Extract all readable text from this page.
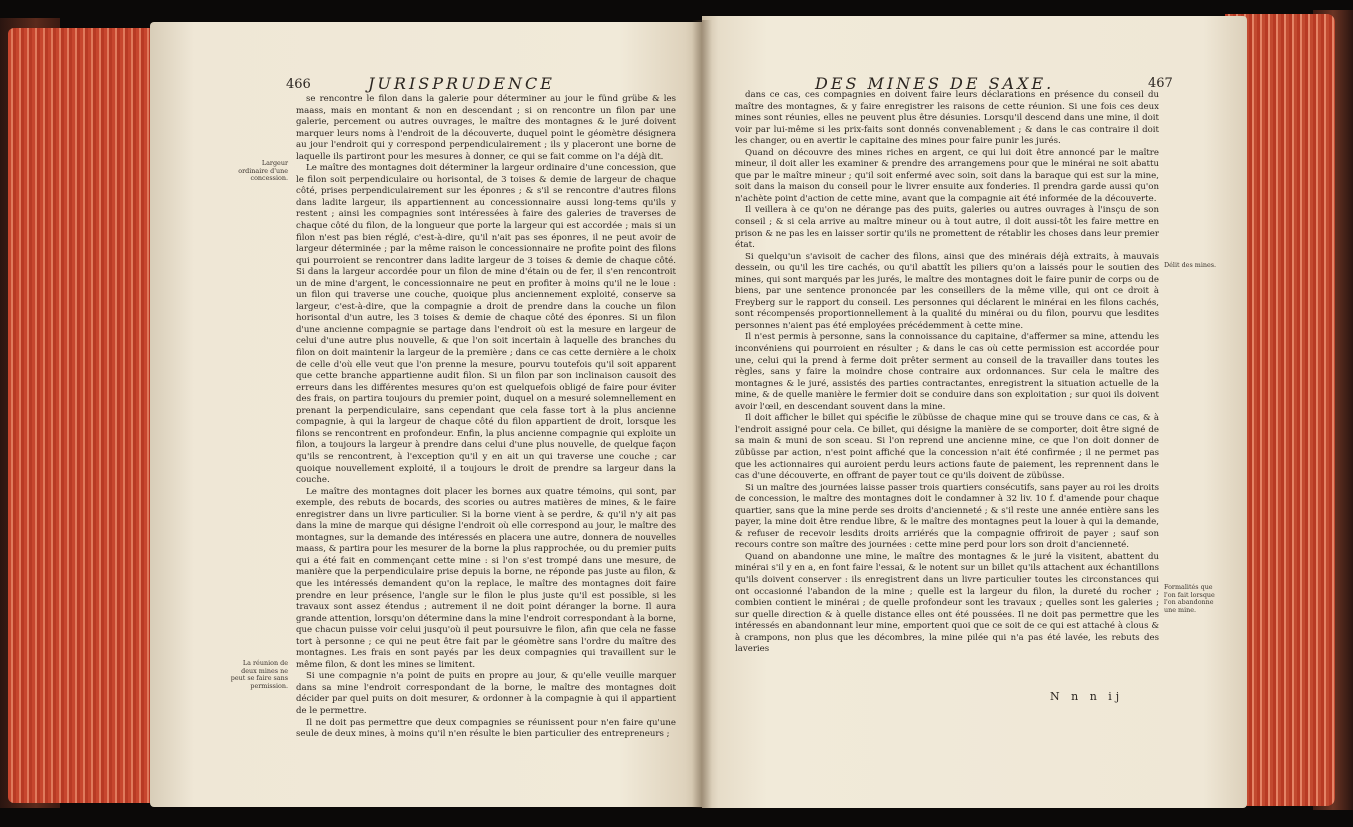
466	JURISPRUDENCE
Largeur ordinaire d'une concession.
La réunion de deux mines ne peut se faire sans permission.

se rencontre le filon dans la galerie pour déterminer au jour le fünd grübe & les maass, mais en montant & non en descendant ; si on rencontre un filon par une galerie, percement ou autres ouvrages, le maître des montagnes & le juré doivent marquer leurs noms à l'endroit de la découverte, duquel point le géomètre désignera au jour l'endroit qui y correspond perpendiculairement ; ils y placeront une borne de laquelle ils partiront pour les mesures à donner, ce qui se fait comme on l'a déjà dit.

Le maître des montagnes doit déterminer la largeur ordinaire d'une concession, que le filon soit perpendiculaire ou horisontal, de 3 toises & demie de largeur de chaque côté, prises perpendiculairement sur les éponres ; & s'il se rencontre d'autres filons dans ladite largeur, ils appartiennent au concessionnaire aussi long-tems qu'ils y restent ; ainsi les compagnies sont intéressées à faire des galeries de traverses de chaque côté du filon, de la longueur que porte la largeur qui est accordée ; mais si un filon n'est pas bien réglé, c'est-à-dire, qu'il n'ait pas ses éponres, il ne peut avoir de largeur déterminée ; par la même raison le concessionnaire ne profite point des filons qui pourroient se rencontrer dans ladite largeur de 3 toises & demie de chaque côté. Si dans la largeur accordée pour un filon de mine d'étain ou de fer, il s'en rencontroit un de mine d'argent, le concessionnaire ne peut en profiter à moins qu'il ne le loue : un filon qui traverse une couche, quoique plus anciennement exploité, conserve sa largeur, c'est-à-dire, que la compagnie a droit de prendre dans la couche un filon horisontal d'un autre, les 3 toises & demie de chaque côté des éponres. Si un filon d'une ancienne compagnie se partage dans l'endroit où est la mesure en largeur de celui d'une autre plus nouvelle, & que l'on soit incertain à laquelle des branches du filon on doit maintenir la largeur de la première ; dans ce cas cette dernière a le choix de celle d'où elle veut que l'on prenne la mesure, pourvu toutefois qu'il soit apparent que cette branche appartienne audit filon. Si un filon par son inclinaison causoit des erreurs dans les différentes mesures qu'on est quelquefois obligé de faire pour éviter des frais, on partira toujours du premier point, duquel on a mesuré solemnellement en prenant la perpendiculaire, sans cependant que cela fasse tort à la plus ancienne compagnie, à qui la largeur de chaque côté du filon appartient de droit, lorsque les filons se rencontrent en profondeur. Enfin, la plus ancienne compagnie qui exploite un filon, a toujours la largeur à prendre dans celui d'une plus nouvelle, de quelque façon qu'ils se rencontrent, à l'exception qu'il y en ait un qui traverse une couche ; car quoique nouvellement exploité, il a toujours le droit de prendre sa largeur dans la couche.

Le maître des montagnes doit placer les bornes aux quatre témoins, qui sont, par exemple, des rebuts de bocards, des scories ou autres matières de mines, & le faire enregistrer dans un livre particulier. Si la borne vient à se perdre, & qu'il n'y ait pas dans la mine de marque qui désigne l'endroit où elle correspond au jour, le maître des montagnes, sur la demande des intéressés en placera une autre, donnera de nouvelles maass, & partira pour les mesurer de la borne la plus rapprochée, ou du premier puits qui a été fait en commençant cette mine : si l'on s'est trompé dans une mesure, de manière que la perpendiculaire prise depuis la borne, ne réponde pas juste au filon, & que les intéressés demandent qu'on la replace, le maître des montagnes doit faire prendre en leur présence, l'angle sur le filon le plus juste qu'il est possible, si les travaux sont assez étendus ; autrement il ne doit point déranger la borne. Il aura grande attention, lorsqu'on détermine dans la mine l'endroit correspondant à la borne, que chacun puisse voir celui jusqu'où il peut poursuivre le filon, afin que cela ne fasse tort à personne ; ce qui ne peut être fait par le géomètre sans l'ordre du maître des montagnes. Les frais en sont payés par les deux compagnies qui travaillent sur le même filon, & dont les mines se limitent.

Si une compagnie n'a point de puits en propre au jour, & qu'elle veuille marquer dans sa mine l'endroit correspondant de la borne, le maître des montagnes doit décider par quel puits on doit mesurer, & ordonner à la compagnie à qui il appartient de le permettre.

Il ne doit pas permettre que deux compagnies se réunissent pour n'en faire qu'une seule de deux mines, à moins qu'il n'en résulte le bien particulier des entrepreneurs ;

DES MINES DE SAXE.	467
Délit des mines.
Formalités que l'on fait lorsque l'on abandonne une mine.

dans ce cas, ces compagnies en doivent faire leurs déclarations en présence du conseil du maître des montagnes, & y faire enregistrer les raisons de cette réunion. Si une fois ces deux mines sont réunies, elles ne peuvent plus être désunies. Lorsqu'il descend dans une mine, il doit voir par lui-même si les prix-faits sont donnés convenablement ; & dans le cas contraire il doit les changer, ou en avertir le capitaine des mines pour faire punir les jurés.

Quand on découvre des mines riches en argent, ce qui lui doit être annoncé par le maître mineur, il doit aller les examiner & prendre des arrangemens pour que le minérai ne soit abattu que par le maître mineur ; qu'il soit enfermé avec soin, soit dans la baraque qui est sur la mine, soit dans la maison du conseil pour le livrer ensuite aux fonderies. Il prendra garde aussi qu'on n'achète point d'action de cette mine, avant que la compagnie ait été informée de la découverte.

Il veillera à ce qu'on ne dérange pas des puits, galeries ou autres ouvrages à l'insçu de son conseil ; & si cela arrive au maître mineur ou à tout autre, il doit aussi-tôt les faire mettre en prison & ne pas les en laisser sortir qu'ils ne promettent de rétablir les choses dans leur premier état.

Si quelqu'un s'avisoit de cacher des filons, ainsi que des minérais déjà extraits, à mauvais dessein, ou qu'il les tire cachés, ou qu'il abattît les piliers qu'on a laissés pour le soutien des mines, qui sont marqués par les jurés, le maître des montagnes doit le faire punir de corps ou de biens, par une sentence prononcée par les conseillers de la même ville, qui ont ce droit à Freyberg sur le rapport du conseil. Les personnes qui déclarent le minérai en les filons cachés, sont récompensés proportionnellement à la qualité du minérai ou du filon, pourvu que lesdites personnes n'aient pas été employées précédemment à cette mine.

Il n'est permis à personne, sans la connoissance du capitaine, d'affermer sa mine, attendu les inconvéniens qui pourroient en résulter ; & dans le cas où cette permission est accordée pour une, celui qui la prend à ferme doit prêter serment au conseil de la travailler dans toutes les règles, sans y faire la moindre chose contraire aux ordonnances. Sur cela le maître des montagnes & le juré, assistés des parties contractantes, enregistrent la situation actuelle de la mine, & de quelle manière le fermier doit se conduire dans son exploitation ; sur quoi ils doivent avoir l'œil, en descendant souvent dans la mine.

Il doit afficher le billet qui spécifie le zübüsse de chaque mine qui se trouve dans ce cas, & à l'endroit assigné pour cela. Ce billet, qui désigne la manière de se comporter, doit être signé de sa main & muni de son sceau. Si l'on reprend une ancienne mine, ce que l'on doit donner de zübüsse par action, n'est point affiché que la concession n'ait été confirmée ; il ne permet pas que les actionnaires qui auroient perdu leurs actions faute de paiement, les reprennent dans le cas d'une découverte, en offrant de payer tout ce qu'ils doivent de zübüsse.

Si un maître des journées laisse passer trois quartiers consécutifs, sans payer au roi les droits de concession, le maître des montagnes doit le condamner à 32 liv. 10 f. d'amende pour chaque quartier, sans que la mine perde ses droits d'ancienneté ; & s'il reste une année entière sans les payer, la mine doit être rendue libre, & le maître des montagnes peut la louer à qui la demande, & refuser de recevoir lesdits droits arriérés que la compagnie offriroit de payer ; sauf son recours contre son maître des journées : cette mine perd pour lors son droit d'ancienneté.

Quand on abandonne une mine, le maître des montagnes & le juré la visitent, abattent du minérai s'il y en a, en font faire l'essai, & le notent sur un billet qu'ils attachent aux échantillons qu'ils doivent conserver : ils enregistrent dans un livre particulier toutes les circonstances qui ont occasionné l'abandon de la mine ; quelle est la largeur du filon, la dureté du rocher ; combien contient le minérai ; de quelle profondeur sont les travaux ; quelles sont les galeries ; sur quelle direction & à quelle distance elles ont été poussées. Il ne doit pas permettre que les intéressés en abandonnant leur mine, emportent quoi que ce soit de ce qui est attaché à clous & à crampons, non plus que les décombres, la mine pilée qui n'a pas été lavée, les rebuts des laveries

N n n ij
